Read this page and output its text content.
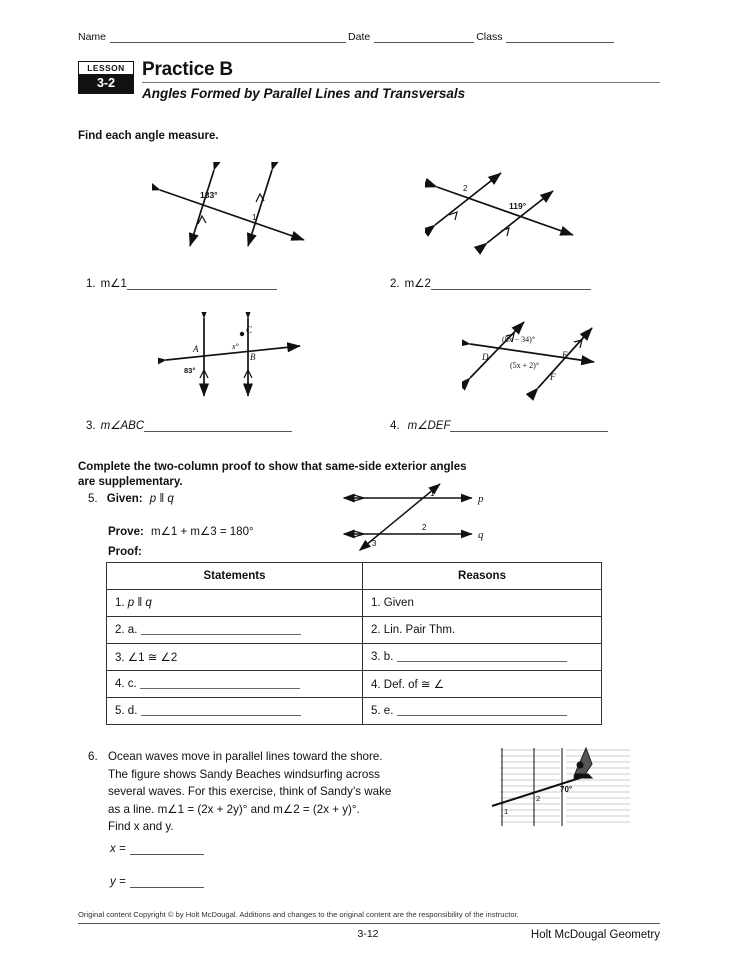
Name	Date	Class
LESSON
3-2
Practice B
Angles Formed by Parallel Lines and Transversals
Find each angle measure.
133°
1
2
119°
1. m∠1	2. m∠2
C
A
B
83°
x°
(8x − 34)°
D	E
(5x + 2)°
F
3. m∠ABC	4. m∠DEF
Complete the two-column proof to show that same-side exterior angles
are supplementary.
5. Given: p ‖ q
Prove: m∠1 + m∠3 = 180°
Proof:
p
q
1
2
3
Statements	Reasons
1. p ‖ q	1. Given
2. a.	2. Lin. Pair Thm.
3. ∠1 ≅ ∠2	3. b.
4. c.	4. Def. of ≅ ∠
5. d.	5. e.
6. Ocean waves move in parallel lines toward the shore.
The figure shows Sandy Beaches windsurfing across
several waves. For this exercise, think of Sandy’s wake
as a line. m∠1 = (2x + 2y)° and m∠2 = (2x + y)°.
Find x and y.
1
2
70°
x =
y =
Original content Copyright © by Holt McDougal. Additions and changes to the original content are the responsibility of the instructor.
3-12	Holt McDougal Geometry
